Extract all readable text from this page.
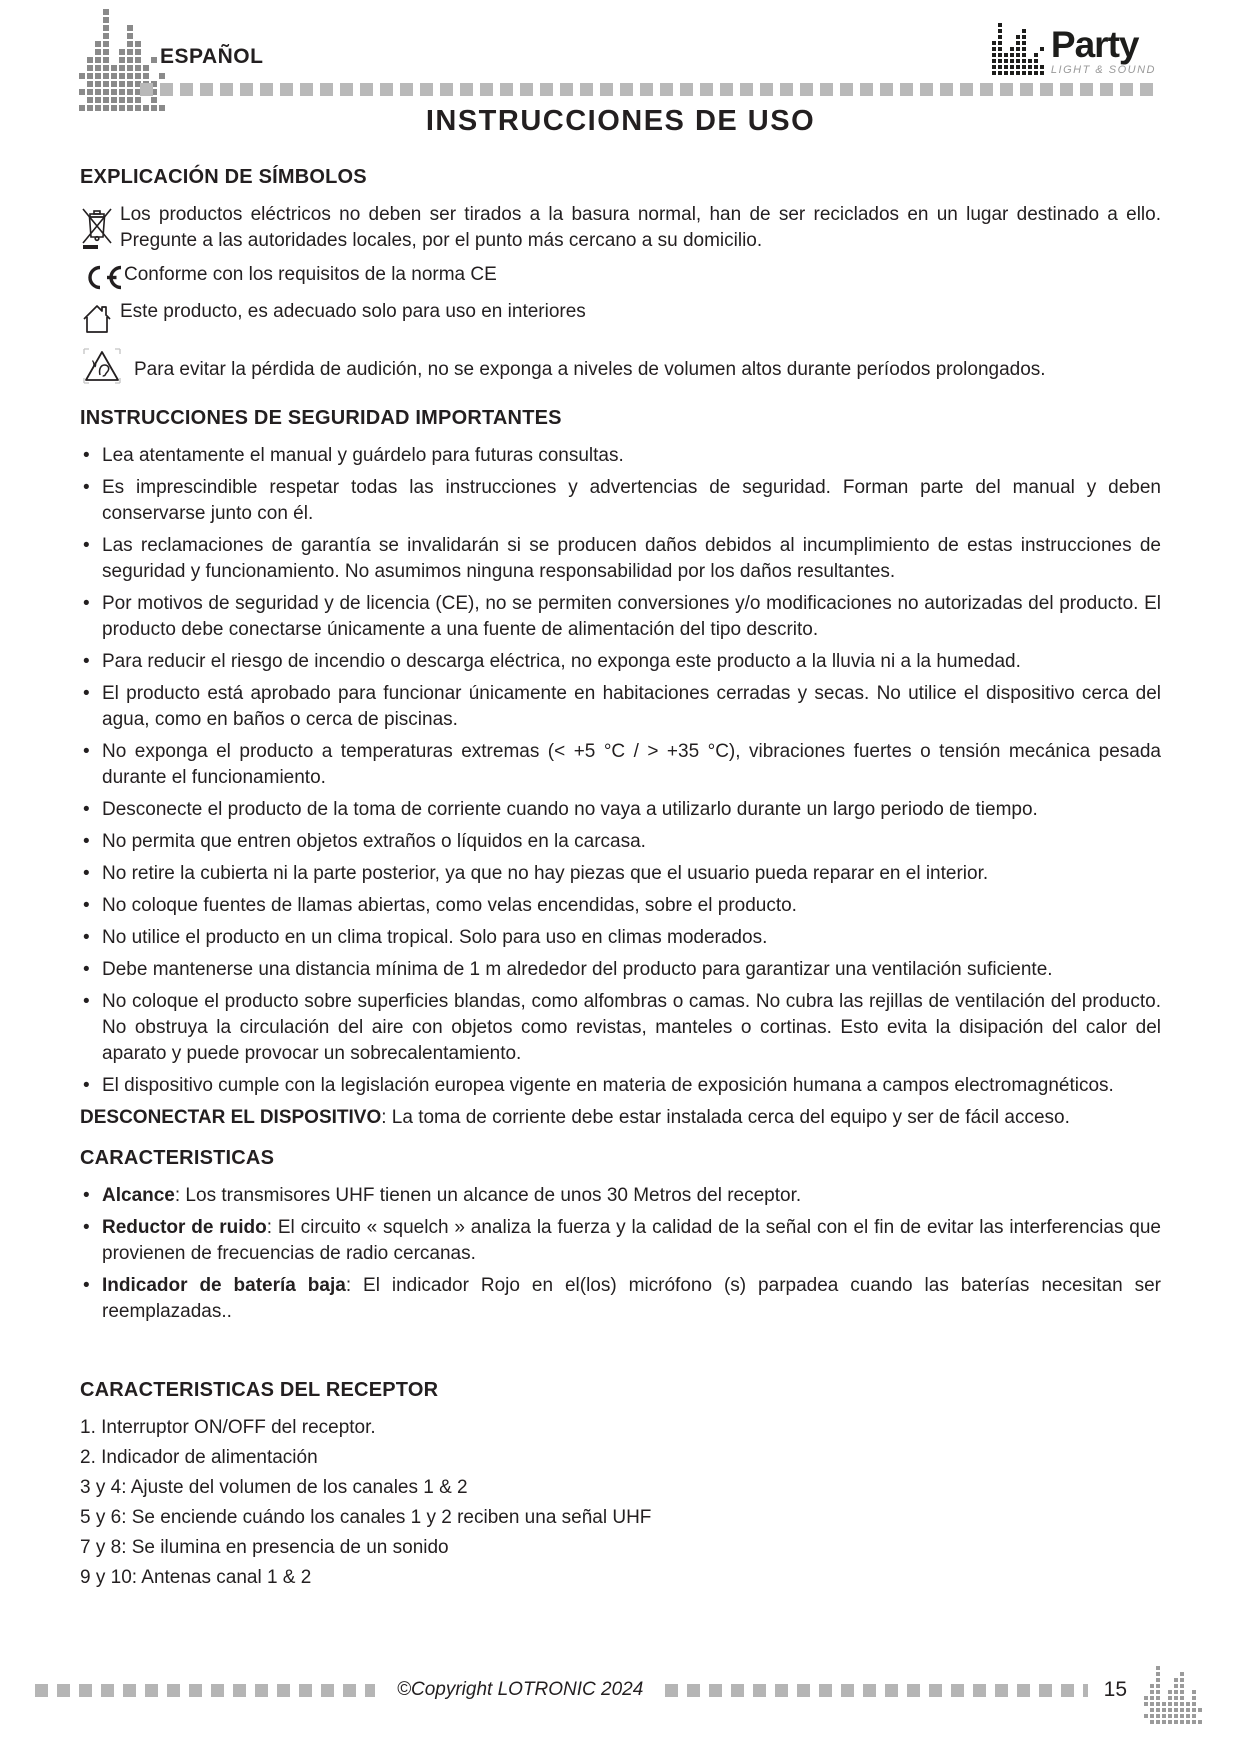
ESPAÑOL	Party
LIGHT & SOUND
INSTRUCCIONES DE USO
EXPLICACIÓN DE SÍMBOLOS
Los productos eléctricos no deben ser tirados a la basura normal, han de ser reciclados en un lugar destinado a ello. Pregunte a las autoridades locales, por el punto más cercano a su domicilio.
Conforme con los requisitos de la norma CE
Este producto, es adecuado solo para uso en interiores
Para evitar la pérdida de audición, no se exponga a niveles de volumen altos durante períodos prolongados.
INSTRUCCIONES DE SEGURIDAD IMPORTANTES
• Lea atentamente el manual y guárdelo para futuras consultas.
• Es imprescindible respetar todas las instrucciones y advertencias de seguridad. Forman parte del manual y deben conservarse junto con él.
• Las reclamaciones de garantía se invalidarán si se producen daños debidos al incumplimiento de estas instrucciones de seguridad y funcionamiento. No asumimos ninguna responsabilidad por los daños resultantes.
• Por motivos de seguridad y de licencia (CE), no se permiten conversiones y/o modificaciones no autorizadas del producto. El producto debe conectarse únicamente a una fuente de alimentación del tipo descrito.
• Para reducir el riesgo de incendio o descarga eléctrica, no exponga este producto a la lluvia ni a la humedad.
• El producto está aprobado para funcionar únicamente en habitaciones cerradas y secas. No utilice el dispositivo cerca del agua, como en baños o cerca de piscinas.
• No exponga el producto a temperaturas extremas (< +5 °C / > +35 °C), vibraciones fuertes o tensión mecánica pesada durante el funcionamiento.
• Desconecte el producto de la toma de corriente cuando no vaya a utilizarlo durante un largo periodo de tiempo.
• No permita que entren objetos extraños o líquidos en la carcasa.
• No retire la cubierta ni la parte posterior, ya que no hay piezas que el usuario pueda reparar en el interior.
• No coloque fuentes de llamas abiertas, como velas encendidas, sobre el producto.
• No utilice el producto en un clima tropical. Solo para uso en climas moderados.
• Debe mantenerse una distancia mínima de 1 m alrededor del producto para garantizar una ventilación suficiente.
• No coloque el producto sobre superficies blandas, como alfombras o camas. No cubra las rejillas de ventilación del producto. No obstruya la circulación del aire con objetos como revistas, manteles o cortinas. Esto evita la disipación del calor del aparato y puede provocar un sobrecalentamiento.
• El dispositivo cumple con la legislación europea vigente en materia de exposición humana a campos electromagnéticos.

DESCONECTAR EL DISPOSITIVO: La toma de corriente debe estar instalada cerca del equipo y ser de fácil acceso.

CARACTERISTICAS
• Alcance: Los transmisores UHF tienen un alcance de unos 30 Metros del receptor.
• Reductor de ruido: El circuito « squelch » analiza la fuerza y la calidad de la señal con el fin de evitar las interferencias que provienen de frecuencias de radio cercanas.
• Indicador de batería baja: El indicador Rojo en el(los) micrófono (s) parpadea cuando las baterías necesitan ser reemplazadas..
CARACTERISTICAS DEL RECEPTOR
1. Interruptor ON/OFF del receptor.
2. Indicador de alimentación
3 y 4: Ajuste del volumen de los canales 1 & 2
5 y 6: Se enciende cuándo los canales 1 y 2 reciben una señal UHF
7 y 8: Se ilumina en presencia de un sonido
9 y 10: Antenas canal 1 & 2
©Copyright LOTRONIC 2024	15
